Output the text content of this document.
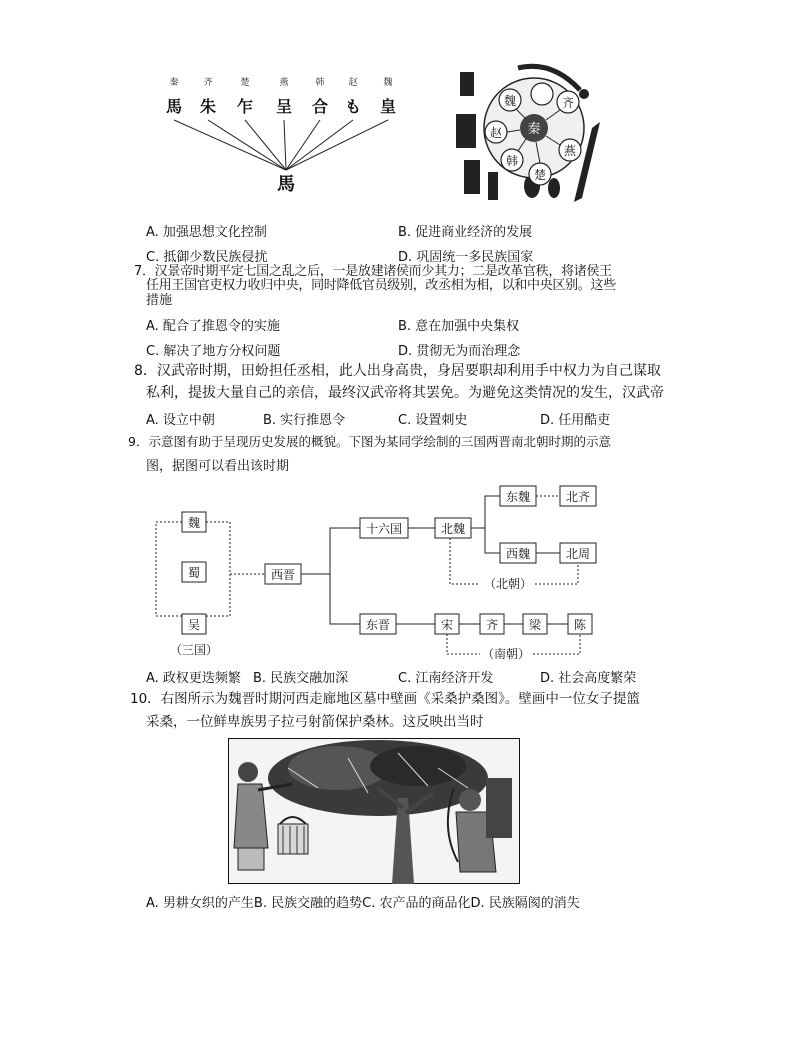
秦	齐	楚	燕	韩	赵	魏
馬 朱 乍 呈 合 も 皇
馬
秦
魏	齐
赵
韩
楚
燕
A. 加强思想文化控制	B. 促进商业经济的发展
C. 抵御少数民族侵扰	D. 巩固统一多民族国家
7．汉景帝时期平定七国之乱之后，一是放建诸侯而少其力；二是改革官秩，将诸侯王
任用王国官吏权力收归中央，同时降低官员级别，改丞相为相，以和中央区别。这些
措施
A. 配合了推恩令的实施	B. 意在加强中央集权
C. 解决了地方分权问题	D. 贯彻无为而治理念
8．汉武帝时期，田蚡担任丞相，此人出身高贵，身居要职却利用手中权力为自己谋取
私利，提拔大量自己的亲信，最终汉武帝将其罢免。为避免这类情况的发生，汉武帝
A. 设立中朝	B. 实行推恩令	C. 设置刺史	D. 任用酷吏
9．示意图有助于呈现历史发展的概貌。下图为某同学绘制的三国两晋南北朝时期的示意
图，据图可以看出该时期
魏
蜀
吴
（三国）
西晋
十六国	北魏
东魏	北齐
西魏	北周
（北朝）
东晋	宋	齐	梁	陈
（南朝）
A. 政权更迭频繁 B. 民族交融加深	C. 江南经济开发	D. 社会高度繁荣
10．右图所示为魏晋时期河西走廊地区墓中壁画《采桑护桑图》。壁画中一位女子提篮
采桑，一位鲜卑族男子拉弓射箭保护桑林。这反映出当时
A. 男耕女织的产生B. 民族交融的趋势C. 农产品的商品化D. 民族隔阂的消失
